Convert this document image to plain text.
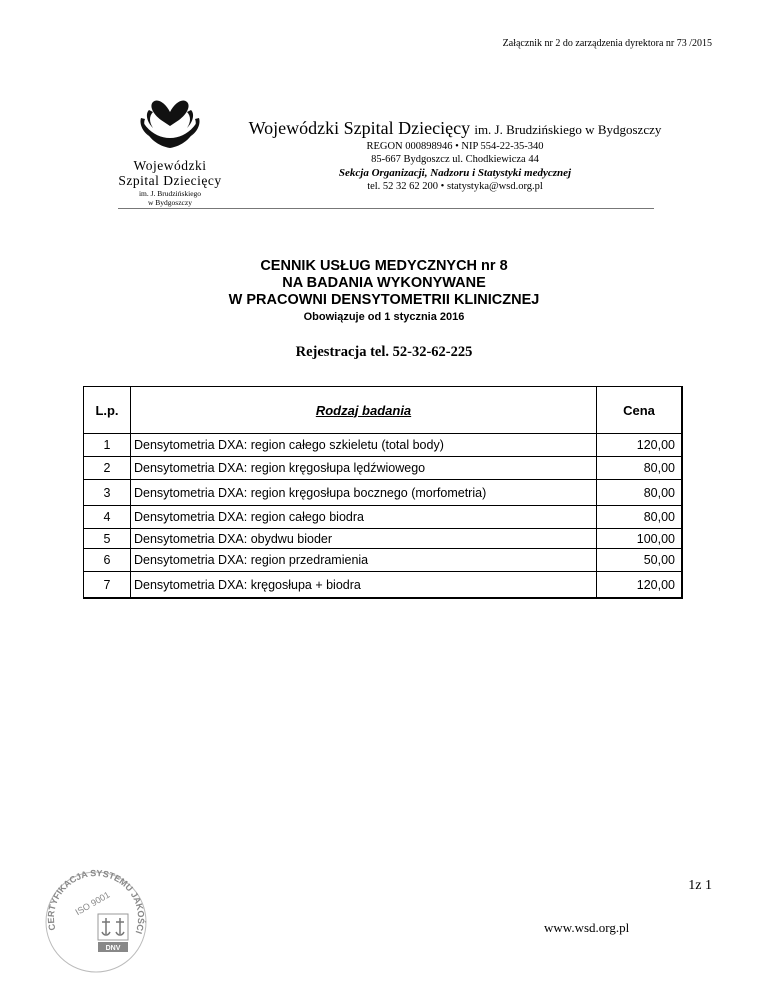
Załącznik nr 2 do zarządzenia dyrektora nr 73 /2015
Wojewódzki
Szpital Dziecięcy
im. J. Brudzińskiego
w Bydgoszczy
Wojewódzki Szpital Dziecięcy im. J. Brudzińskiego w Bydgoszczy
REGON 000898946 • NIP 554-22-35-340
85-667 Bydgoszcz ul. Chodkiewicza 44
Sekcja Organizacji, Nadzoru i Statystyki medycznej
tel. 52 32 62 200 • statystyka@wsd.org.pl
CENNIK USŁUG MEDYCZNYCH nr 8
NA BADANIA WYKONYWANE
W PRACOWNI DENSYTOMETRII KLINICZNEJ
Obowiązuje od 1 stycznia 2016
Rejestracja tel. 52-32-62-225
L.p.	Rodzaj badania	Cena
1	Densytometria DXA: region całego szkieletu (total body)	120,00
2	Densytometria DXA: region kręgosłupa lędźwiowego	80,00
3	Densytometria DXA: region kręgosłupa bocznego (morfometria)	80,00
4	Densytometria DXA: region całego biodra	80,00
5	Densytometria DXA: obydwu bioder	100,00
6	Densytometria DXA: region przedramienia	50,00
7	Densytometria DXA: kręgosłupa + biodra	120,00
CERTYFIKACJA SYSTEMU JAKOŚCI
ISO 9001
DNV
1z 1
www.wsd.org.pl
